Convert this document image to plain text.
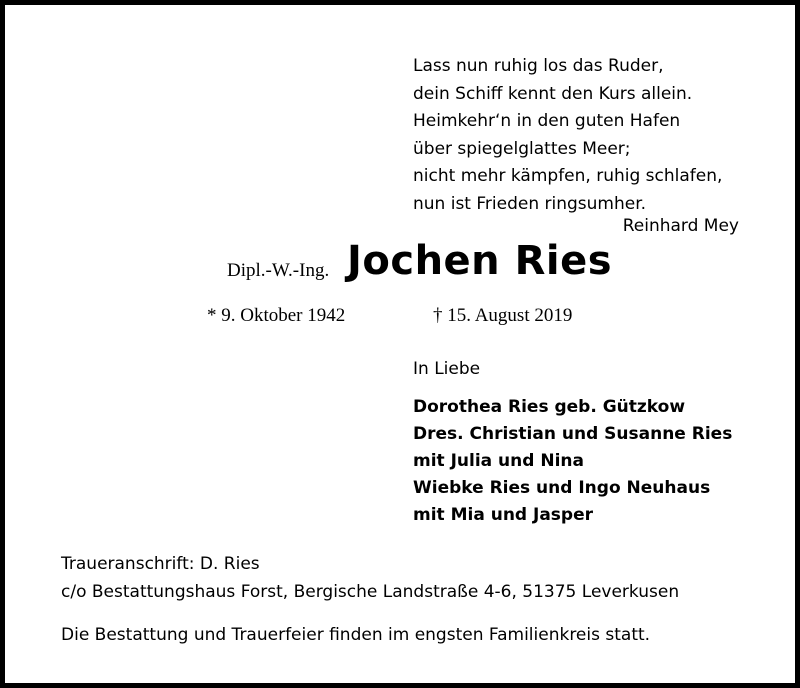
Lass nun ruhig los das Ruder,
dein Schiff kennt den Kurs allein.
Heimkehr‘n in den guten Hafen
über spiegelglattes Meer;
nicht mehr kämpfen, ruhig schlafen,
nun ist Frieden ringsumher.
Reinhard Mey
Dipl.-W.-Ing. Jochen Ries
* 9. Oktober 1942	† 15. August 2019
In Liebe
Dorothea Ries geb. Gützkow
Dres. Christian und Susanne Ries
mit Julia und Nina
Wiebke Ries und Ingo Neuhaus
mit Mia und Jasper
Traueranschrift: D. Ries
c/o Bestattungshaus Forst, Bergische Landstraße 4-6, 51375 Leverkusen
Die Bestattung und Trauerfeier finden im engsten Familienkreis statt.
